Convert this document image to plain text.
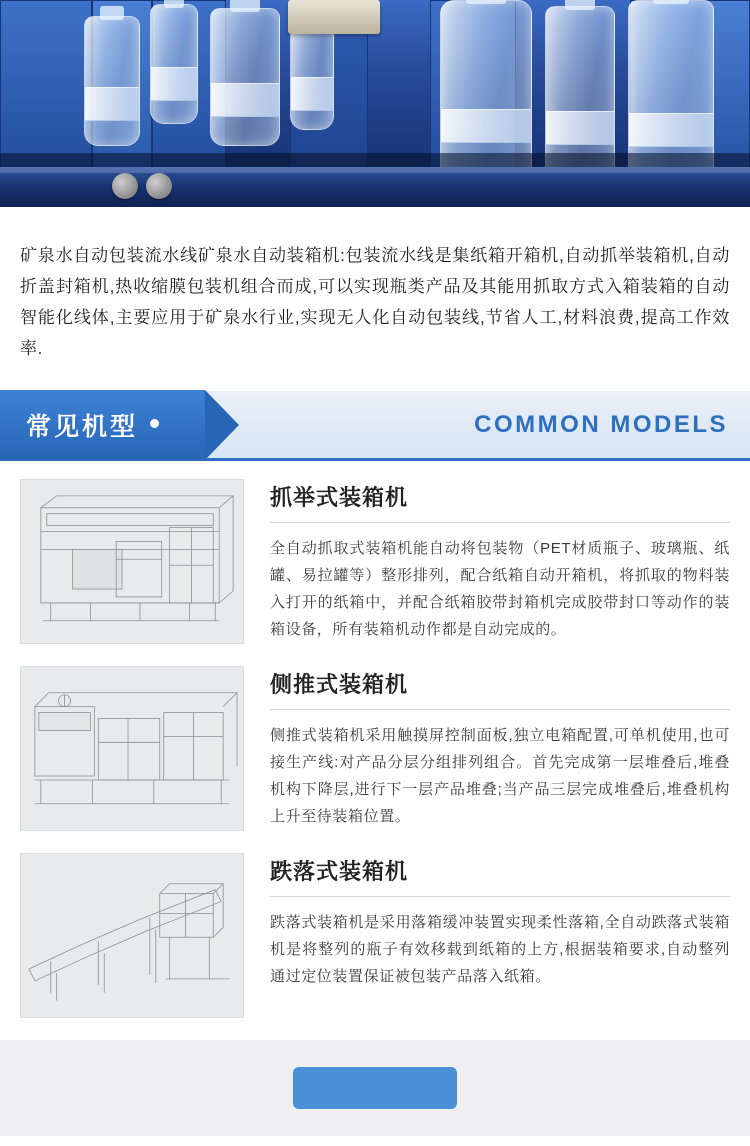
矿泉水自动包装流水线矿泉水自动装箱机:包装流水线是集纸箱开箱机,自动抓举装箱机,自动折盖封箱机,热收缩膜包装机组合而成,可以实现瓶类产品及其能用抓取方式入箱装箱的自动智能化线体,主要应用于矿泉水行业,实现无人化自动包装线,节省人工,材料浪费,提高工作效率.

常见机型	COMMON MODELS
抓举式装箱机
全自动抓取式装箱机能自动将包装物（PET材质瓶子、玻璃瓶、纸罐、易拉罐等）整形排列，配合纸箱自动开箱机，将抓取的物料装入打开的纸箱中，并配合纸箱胶带封箱机完成胶带封口等动作的装箱设备，所有装箱机动作都是自动完成的。
侧推式装箱机
侧推式装箱机采用触摸屏控制面板,独立电箱配置,可单机使用,也可接生产线:对产品分层分组排列组合。首先完成第一层堆叠后,堆叠机构下降层,进行下一层产品堆叠;当产品三层完成堆叠后,堆叠机构上升至待装箱位置。
跌落式装箱机
跌落式装箱机是采用落箱缓冲装置实现柔性落箱,全自动跌落式装箱机是将整列的瓶子有效移载到纸箱的上方,根据装箱要求,自动整列通过定位装置保证被包装产品落入纸箱。
